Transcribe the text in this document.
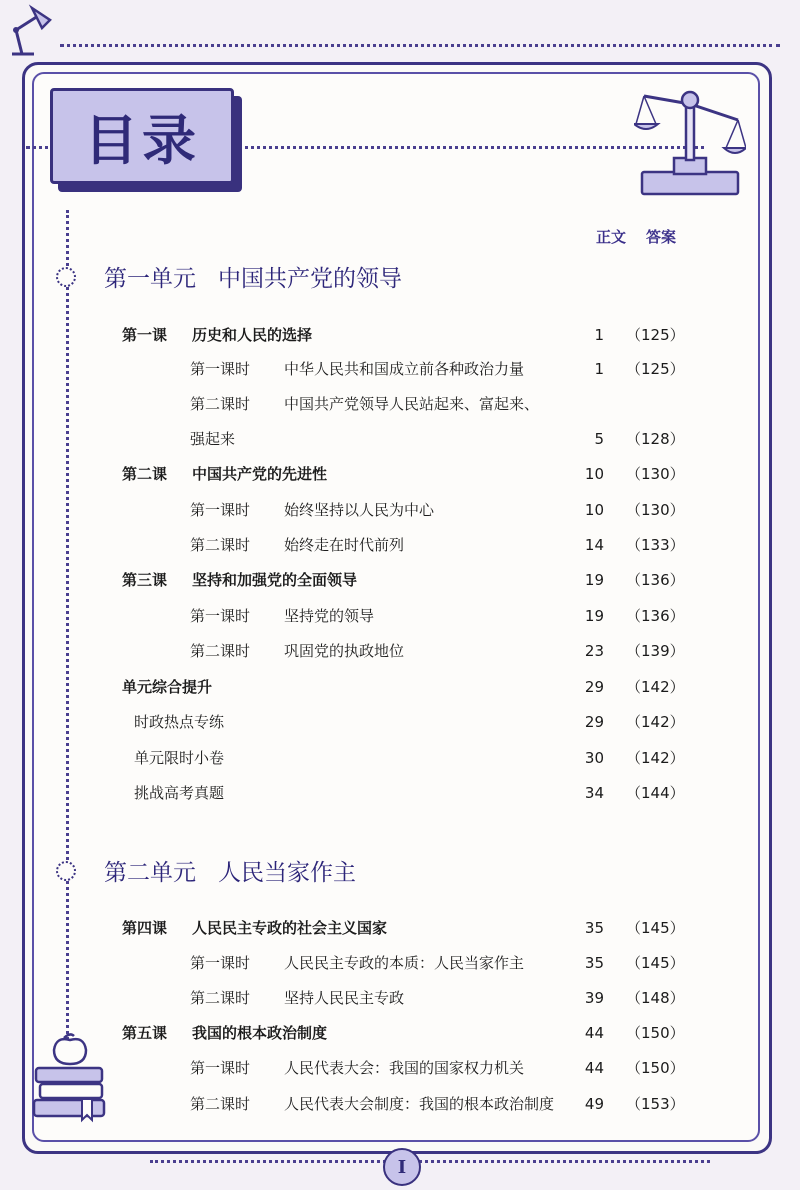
目录
正文 答案
第一单元 中国共产党的领导
第一课 历史和人民的选择	1 （125）
第一课时 中华人民共和国成立前各种政治力量	1 （125）
第二课时 中国共产党领导人民站起来、富起来、
强起来	5 （128）
第二课 中国共产党的先进性	10 （130）
第一课时 始终坚持以人民为中心	10 （130）
第二课时 始终走在时代前列	14 （133）
第三课 坚持和加强党的全面领导	19 （136）
第一课时 坚持党的领导	19 （136）
第二课时 巩固党的执政地位	23 （139）
单元综合提升	29 （142）
时政热点专练	29 （142）
单元限时小卷	30 （142）
挑战高考真题	34 （144）
第二单元 人民当家作主
第四课 人民民主专政的社会主义国家	35 （145）
第一课时 人民民主专政的本质：人民当家作主	35 （145）
第二课时 坚持人民民主专政	39 （148）
第五课 我国的根本政治制度	44 （150）
第一课时 人民代表大会：我国的国家权力机关	44 （150）
第二课时 人民代表大会制度：我国的根本政治制度	49 （153）
I
